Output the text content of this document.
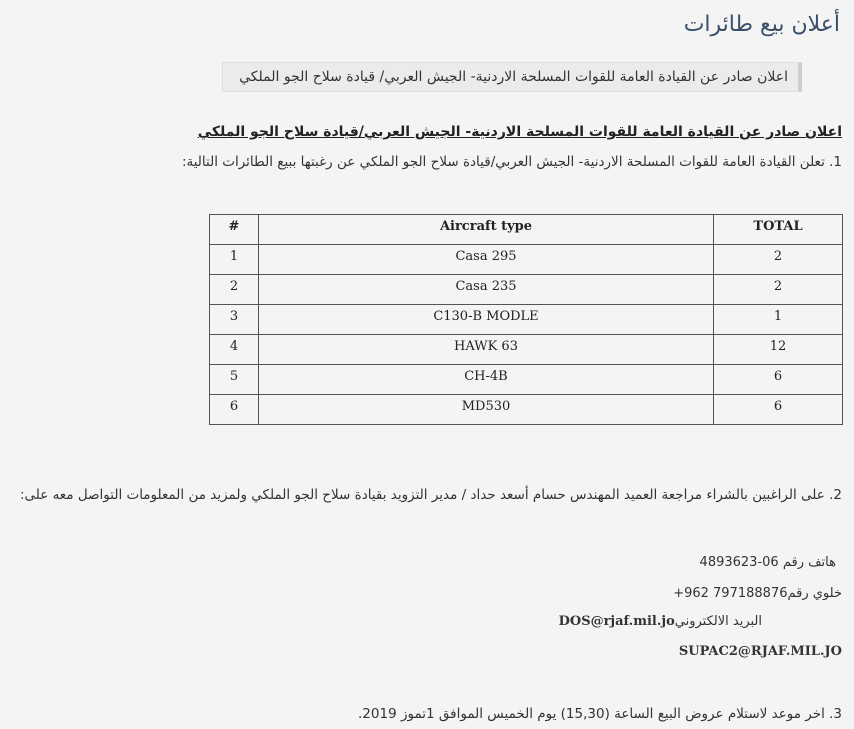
أعلان بيع طائرات
اعلان صادر عن القيادة العامة للقوات المسلحة الاردنية- الجيش العربي/ قيادة سلاح الجو الملكي
اعلان صادر عن القيادة العامة للقوات المسلحة الاردنية- الجيش العربي/قيادة سلاح الجو الملكي
1. تعلن القيادة العامة للقوات المسلحة الاردنية- الجيش العربي/قيادة سلاح الجو الملكي عن رغبتها ببيع الطائرات التالية:
#	Aircraft type	TOTAL
1	Casa 295	2
2	Casa 235	2
3	C130-B MODLE	1
4	HAWK 63	12
5	CH-4B	6
6	MD530	6
2. على الراغبين بالشراء مراجعة العميد المهندس حسام أسعد حداد / مدير التزويد بقيادة سلاح الجو الملكي ولمزيد من المعلومات التواصل معه على:
هاتف رقم 4893623-06
خلوي رقم+962 797188876
البريد الالكترونيDOS@rjaf.mil.jo
SUPAC2@RJAF.MIL.JO
3. اخر موعد لاستلام عروض البيع الساعة (15,30) يوم الخميس الموافق 1تموز 2019.
